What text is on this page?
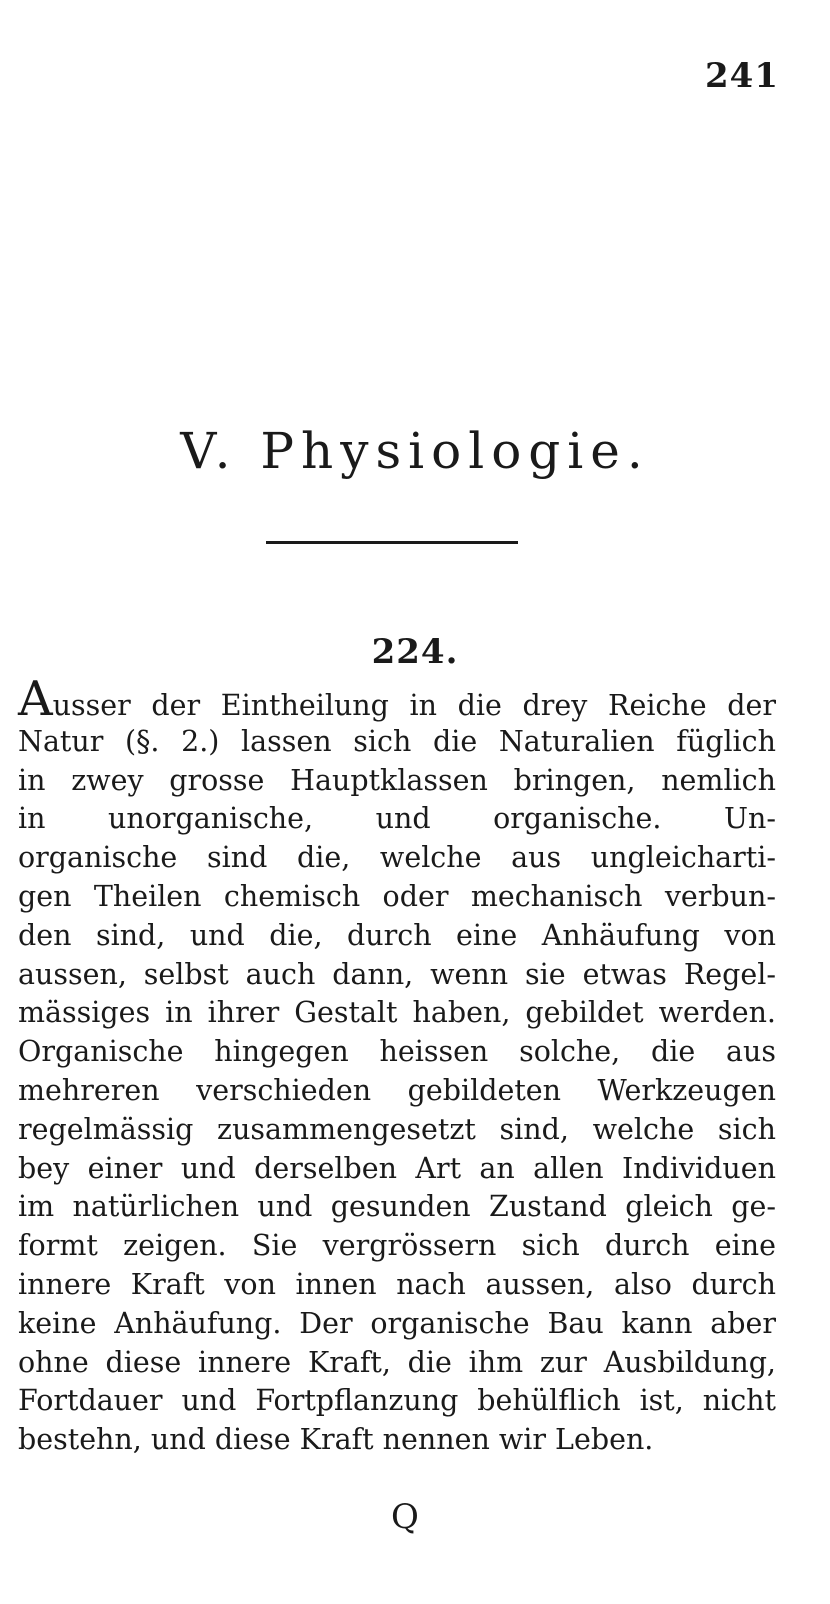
241
V. Physiologie.
224.
Ausser der Eintheilung in die drey Reiche der
Natur (§. 2.) lassen sich die Naturalien füglich
in zwey grosse Hauptklassen bringen, nemlich
in unorganische, und organische. Un-
organische sind die, welche aus ungleicharti-
gen Theilen chemisch oder mechanisch verbun-
den sind, und die, durch eine Anhäufung von
aussen, selbst auch dann, wenn sie etwas Regel-
mässiges in ihrer Gestalt haben, gebildet werden.
Organische hingegen heissen solche, die aus
mehreren verschieden gebildeten Werkzeugen
regelmässig zusammengesetzt sind, welche sich
bey einer und derselben Art an allen Individuen
im natürlichen und gesunden Zustand gleich ge-
formt zeigen. Sie vergrössern sich durch eine
innere Kraft von innen nach aussen, also durch
keine Anhäufung. Der organische Bau kann aber
ohne diese innere Kraft, die ihm zur Ausbildung,
Fortdauer und Fortpflanzung behülflich ist, nicht
bestehn, und diese Kraft nennen wir Leben.
Q
